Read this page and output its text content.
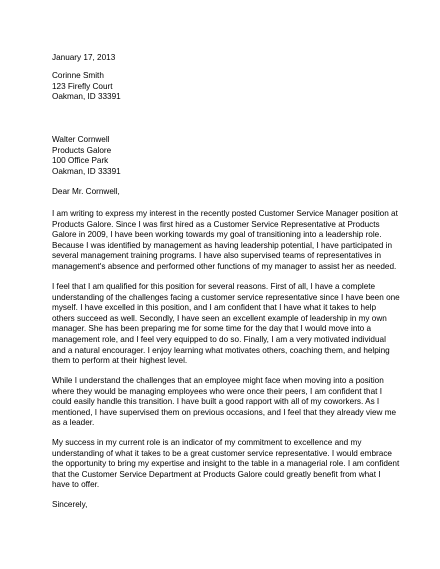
January 17, 2013
Corinne Smith
123 Firefly Court
Oakman, ID 33391
Walter Cornwell
Products Galore
100 Office Park
Oakman, ID 33391
Dear Mr. Cornwell,
I am writing to express my interest in the recently posted Customer Service Manager position at
Products Galore. Since I was first hired as a Customer Service Representative at Products
Galore in 2009, I have been working towards my goal of transitioning into a leadership role.
Because I was identified by management as having leadership potential, I have participated in
several management training programs. I have also supervised teams of representatives in
management's absence and performed other functions of my manager to assist her as needed.
I feel that I am qualified for this position for several reasons. First of all, I have a complete
understanding of the challenges facing a customer service representative since I have been one
myself. I have excelled in this position, and I am confident that I have what it takes to help
others succeed as well. Secondly, I have seen an excellent example of leadership in my own
manager. She has been preparing me for some time for the day that I would move into a
management role, and I feel very equipped to do so. Finally, I am a very motivated individual
and a natural encourager. I enjoy learning what motivates others, coaching them, and helping
them to perform at their highest level.
While I understand the challenges that an employee might face when moving into a position
where they would be managing employees who were once their peers, I am confident that I
could easily handle this transition. I have built a good rapport with all of my coworkers. As I
mentioned, I have supervised them on previous occasions, and I feel that they already view me
as a leader.
My success in my current role is an indicator of my commitment to excellence and my
understanding of what it takes to be a great customer service representative. I would embrace
the opportunity to bring my expertise and insight to the table in a managerial role. I am confident
that the Customer Service Department at Products Galore could greatly benefit from what I
have to offer.
Sincerely,
